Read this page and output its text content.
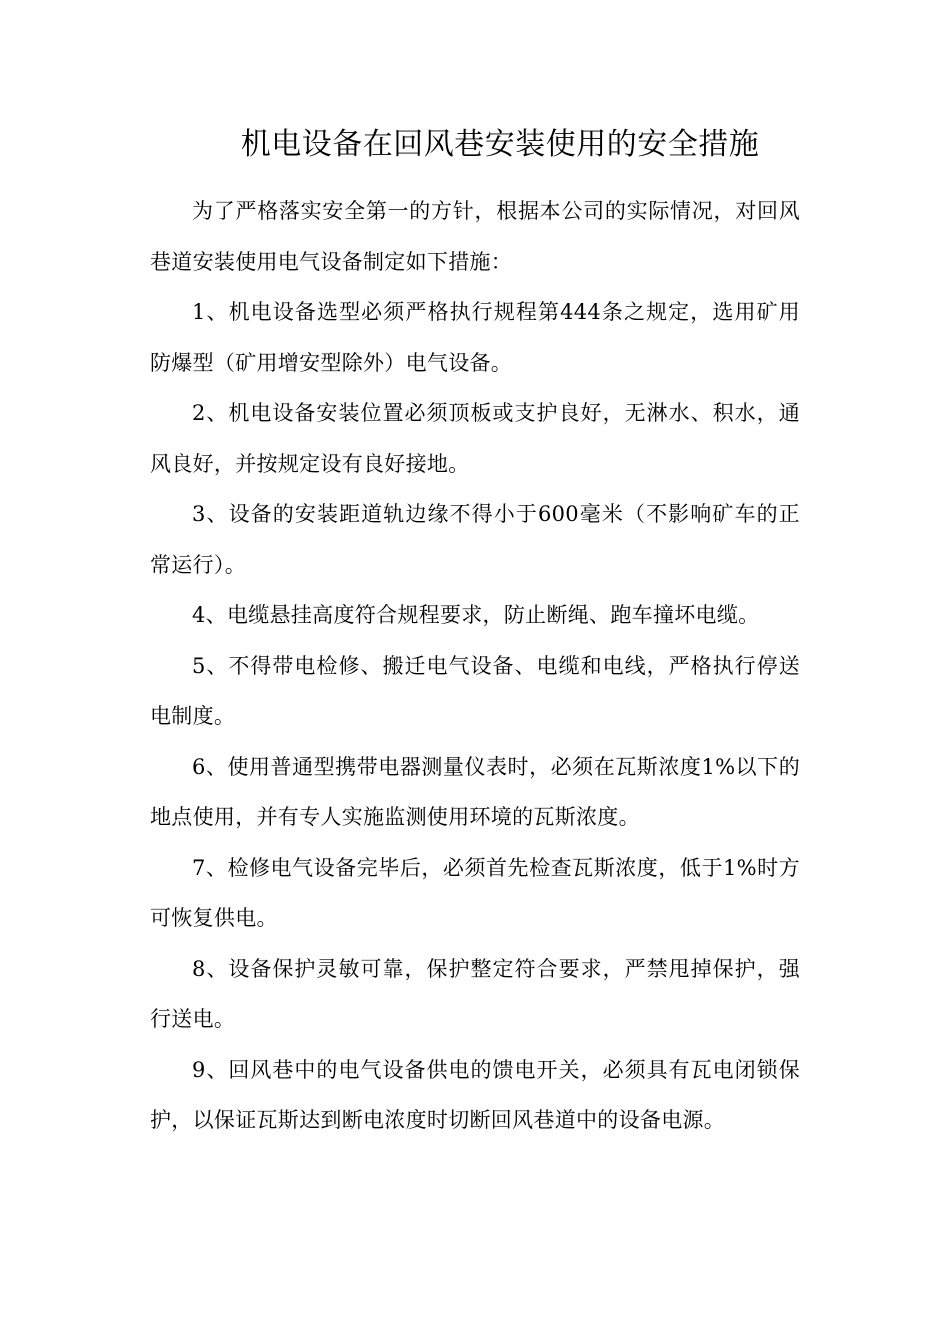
机电设备在回风巷安装使用的安全措施

为了严格落实安全第一的方针，根据本公司的实际情况，对回风巷道安装使用电气设备制定如下措施：

1、机电设备选型必须严格执行规程第444条之规定，选用矿用防爆型（矿用增安型除外）电气设备。

2、机电设备安装位置必须顶板或支护良好，无淋水、积水，通风良好，并按规定设有良好接地。

3、设备的安装距道轨边缘不得小于600毫米（不影响矿车的正常运行）。

4、电缆悬挂高度符合规程要求，防止断绳、跑车撞坏电缆。

5、不得带电检修、搬迁电气设备、电缆和电线，严格执行停送电制度。

6、使用普通型携带电器测量仪表时，必须在瓦斯浓度1%以下的地点使用，并有专人实施监测使用环境的瓦斯浓度。

7、检修电气设备完毕后，必须首先检查瓦斯浓度，低于1%时方可恢复供电。

8、设备保护灵敏可靠，保护整定符合要求，严禁甩掉保护，强行送电。

9、回风巷中的电气设备供电的馈电开关，必须具有瓦电闭锁保护，以保证瓦斯达到断电浓度时切断回风巷道中的设备电源。
